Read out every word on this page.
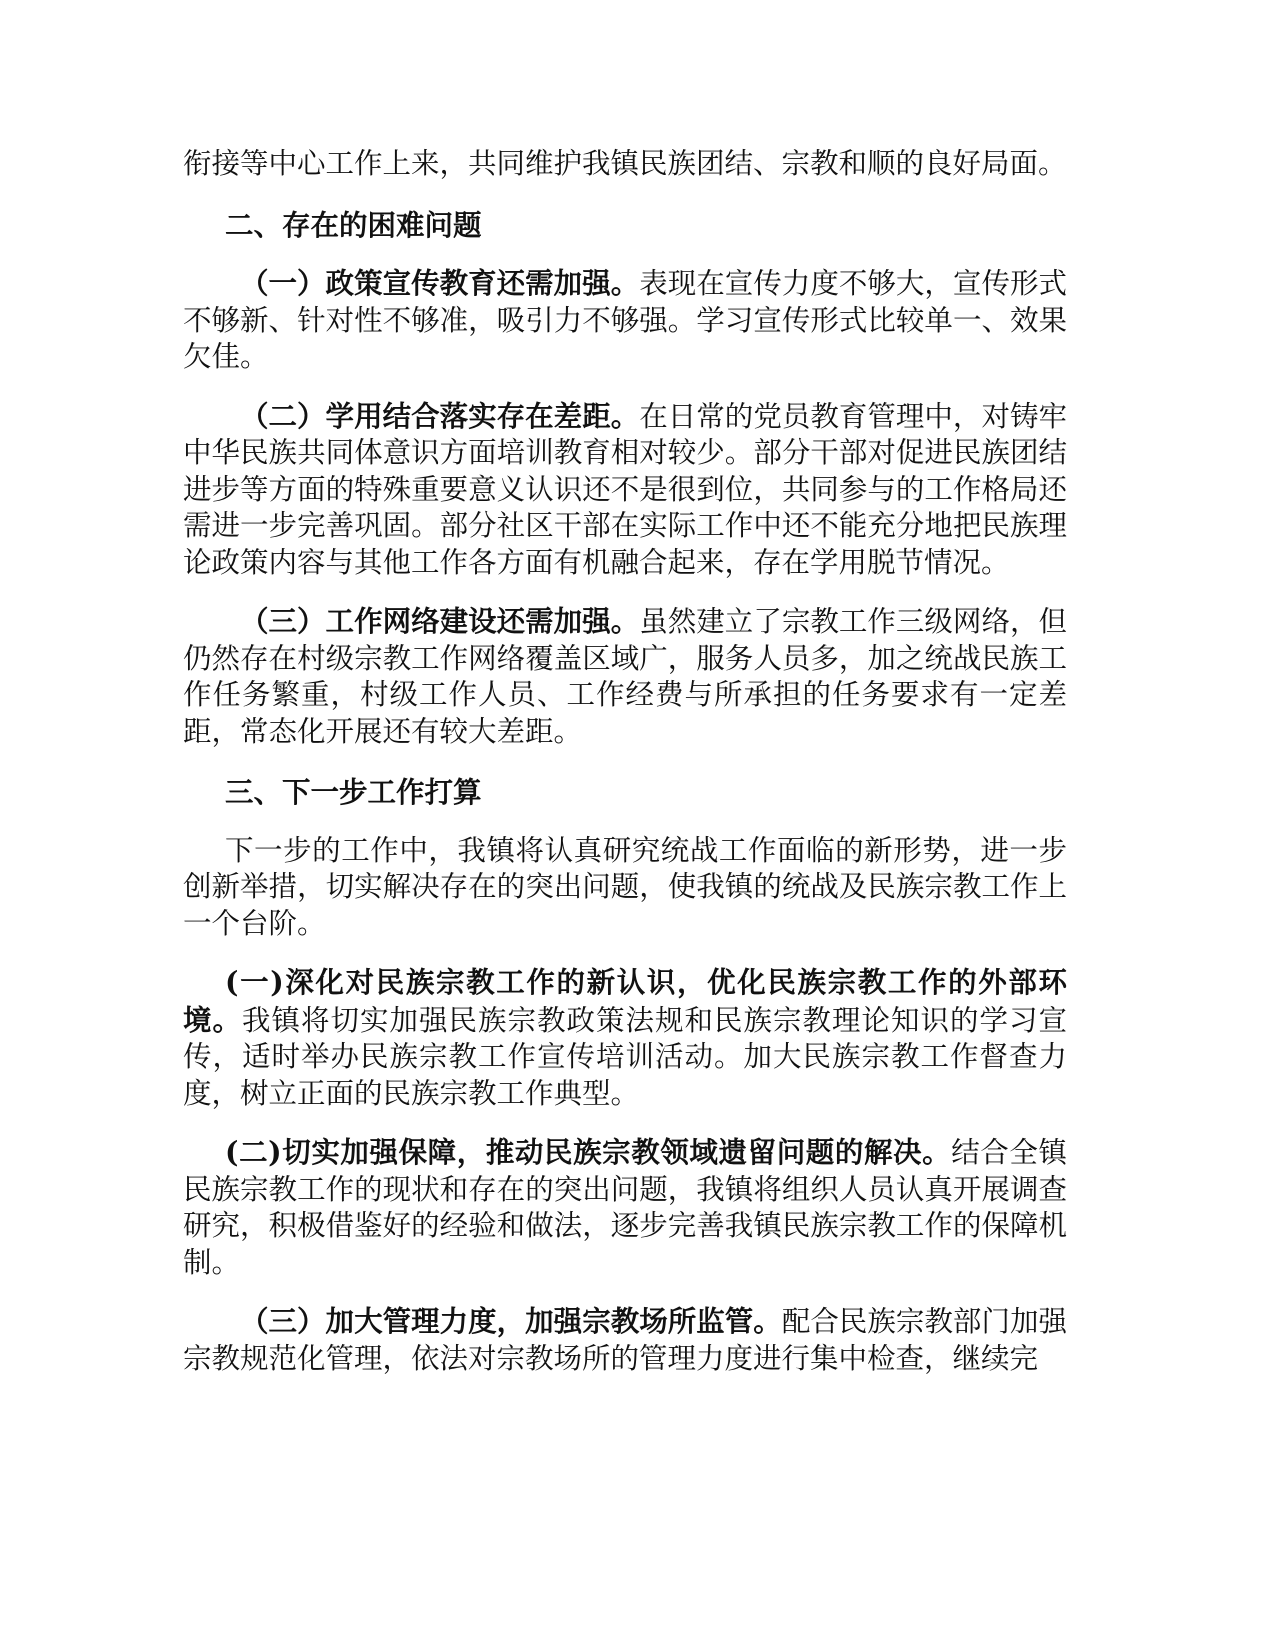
衔接等中心工作上来，共同维护我镇民族团结、宗教和顺的良好局面。

二、存在的困难问题

（一）政策宣传教育还需加强。表现在宣传力度不够大，宣传形式不够新、针对性不够准，吸引力不够强。学习宣传形式比较单一、效果欠佳。

（二）学用结合落实存在差距。在日常的党员教育管理中，对铸牢中华民族共同体意识方面培训教育相对较少。部分干部对促进民族团结进步等方面的特殊重要意义认识还不是很到位，共同参与的工作格局还需进一步完善巩固。部分社区干部在实际工作中还不能充分地把民族理论政策内容与其他工作各方面有机融合起来，存在学用脱节情况。

（三）工作网络建设还需加强。虽然建立了宗教工作三级网络，但仍然存在村级宗教工作网络覆盖区域广，服务人员多，加之统战民族工作任务繁重，村级工作人员、工作经费与所承担的任务要求有一定差距，常态化开展还有较大差距。

三、下一步工作打算

下一步的工作中，我镇将认真研究统战工作面临的新形势，进一步创新举措，切实解决存在的突出问题，使我镇的统战及民族宗教工作上一个台阶。

(一)深化对民族宗教工作的新认识，优化民族宗教工作的外部环境。我镇将切实加强民族宗教政策法规和民族宗教理论知识的学习宣传，适时举办民族宗教工作宣传培训活动。加大民族宗教工作督查力度，树立正面的民族宗教工作典型。

(二)切实加强保障，推动民族宗教领域遗留问题的解决。结合全镇民族宗教工作的现状和存在的突出问题，我镇将组织人员认真开展调查研究，积极借鉴好的经验和做法，逐步完善我镇民族宗教工作的保障机制。

（三）加大管理力度，加强宗教场所监管。配合民族宗教部门加强宗教规范化管理，依法对宗教场所的管理力度进行集中检查，继续完
